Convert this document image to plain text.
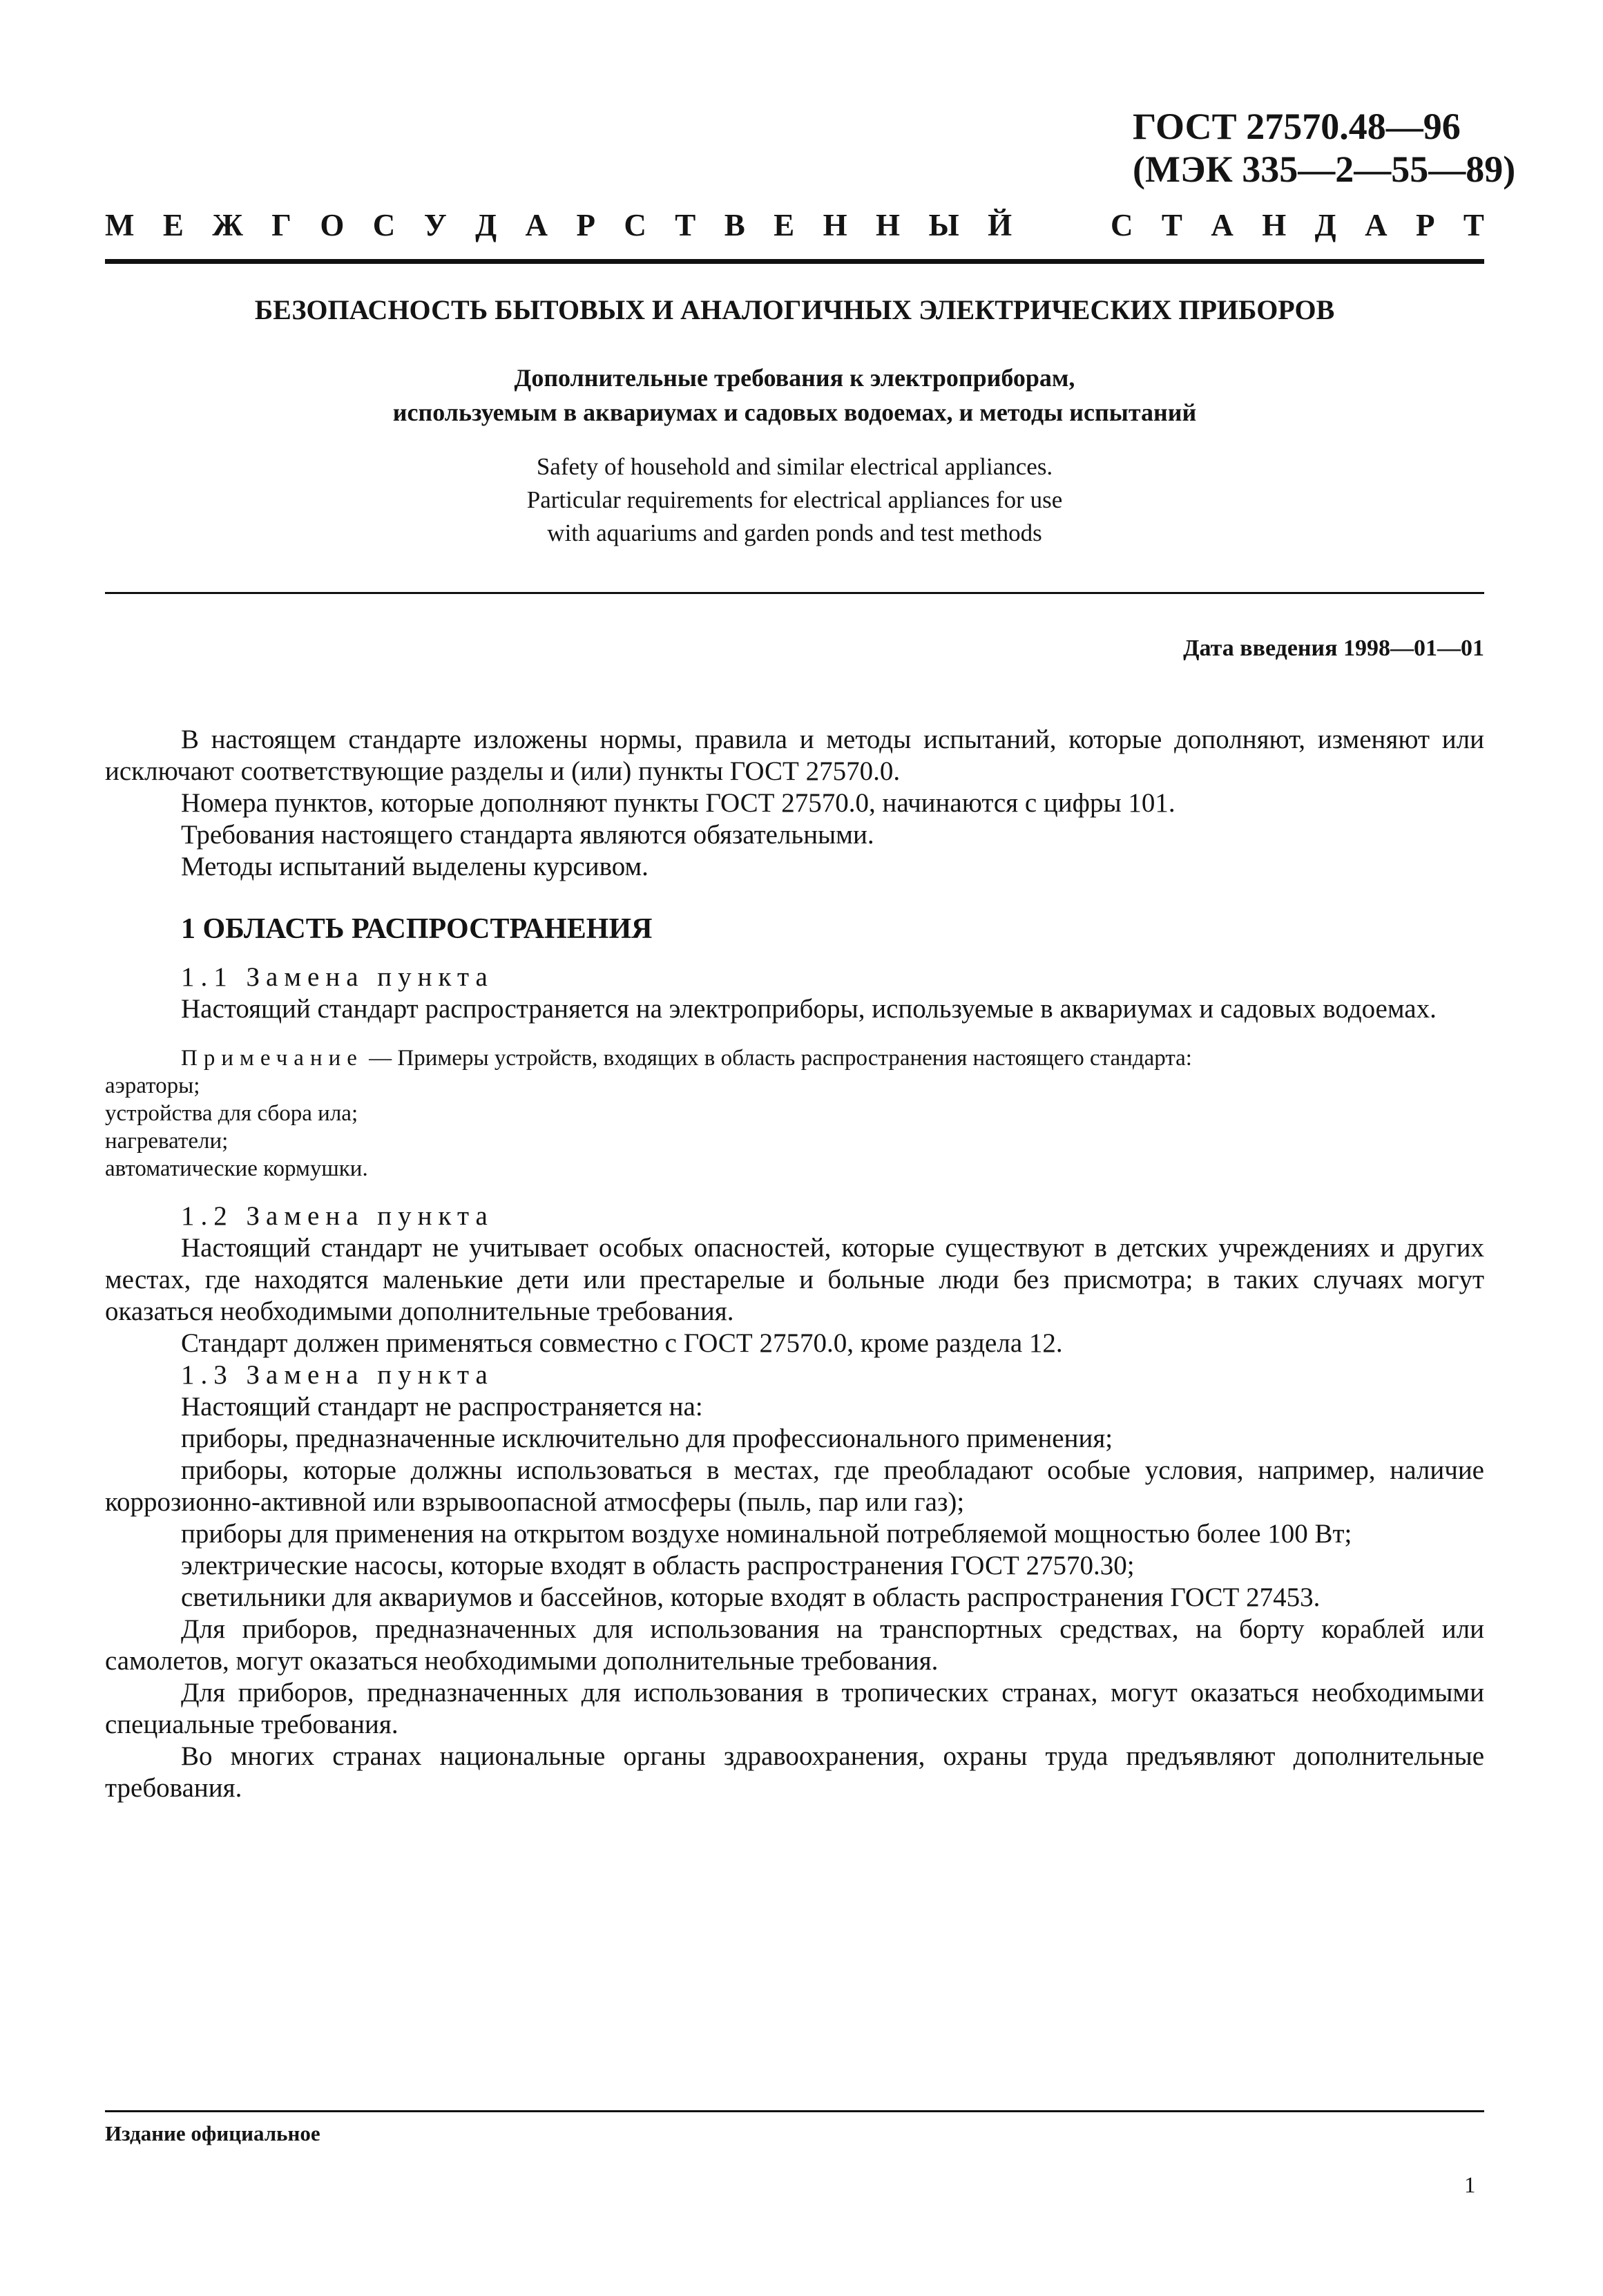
ГОСТ 27570.48—96
(МЭК 335—2—55—89)
М Е Ж Г О С У Д А Р С Т В Е Н Н Ы Й	С Т А Н Д А Р Т
БЕЗОПАСНОСТЬ БЫТОВЫХ И АНАЛОГИЧНЫХ ЭЛЕКТРИЧЕСКИХ ПРИБОРОВ
Дополнительные требования к электроприборам,
используемым в аквариумах и садовых водоемах, и методы испытаний
Safety of household and similar electrical appliances.
Particular requirements for electrical appliances for use
with aquariums and garden ponds and test methods
Дата введения 1998—01—01

В настоящем стандарте изложены нормы, правила и методы испытаний, которые дополняют, изменяют или исключают соответствующие разделы и (или) пункты ГОСТ 27570.0.

Номера пунктов, которые дополняют пункты ГОСТ 27570.0, начинаются с цифры 101.

Требования настоящего стандарта являются обязательными.

Методы испытаний выделены курсивом.

1 ОБЛАСТЬ РАСПРОСТРАНЕНИЯ
1.1 Замена пункта

Настоящий стандарт распространяется на электроприборы, используемые в аквариумах и садовых водоемах.

Примечание — Примеры устройств, входящих в область распространения настоящего стандарта:
аэраторы;
устройства для сбора ила;
нагреватели;
автоматические кормушки.
1.2 Замена пункта

Настоящий стандарт не учитывает особых опасностей, которые существуют в детских учреждениях и других местах, где находятся маленькие дети или престарелые и больные люди без присмотра; в таких случаях могут оказаться необходимыми дополнительные требования.

Стандарт должен применяться совместно с ГОСТ 27570.0, кроме раздела 12.

1.3 Замена пункта

Настоящий стандарт не распространяется на:

приборы, предназначенные исключительно для профессионального применения;

приборы, которые должны использоваться в местах, где преобладают особые условия, например, наличие коррозионно-активной или взрывоопасной атмосферы (пыль, пар или газ);

приборы для применения на открытом воздухе номинальной потребляемой мощностью более 100 Вт;

электрические насосы, которые входят в область распространения ГОСТ 27570.30;

светильники для аквариумов и бассейнов, которые входят в область распространения ГОСТ 27453.

Для приборов, предназначенных для использования на транспортных средствах, на борту кораблей или самолетов, могут оказаться необходимыми дополнительные требования.

Для приборов, предназначенных для использования в тропических странах, могут оказаться необходимыми специальные требования.

Во многих странах национальные органы здравоохранения, охраны труда предъявляют дополнительные требования.

Издание официальное
1
